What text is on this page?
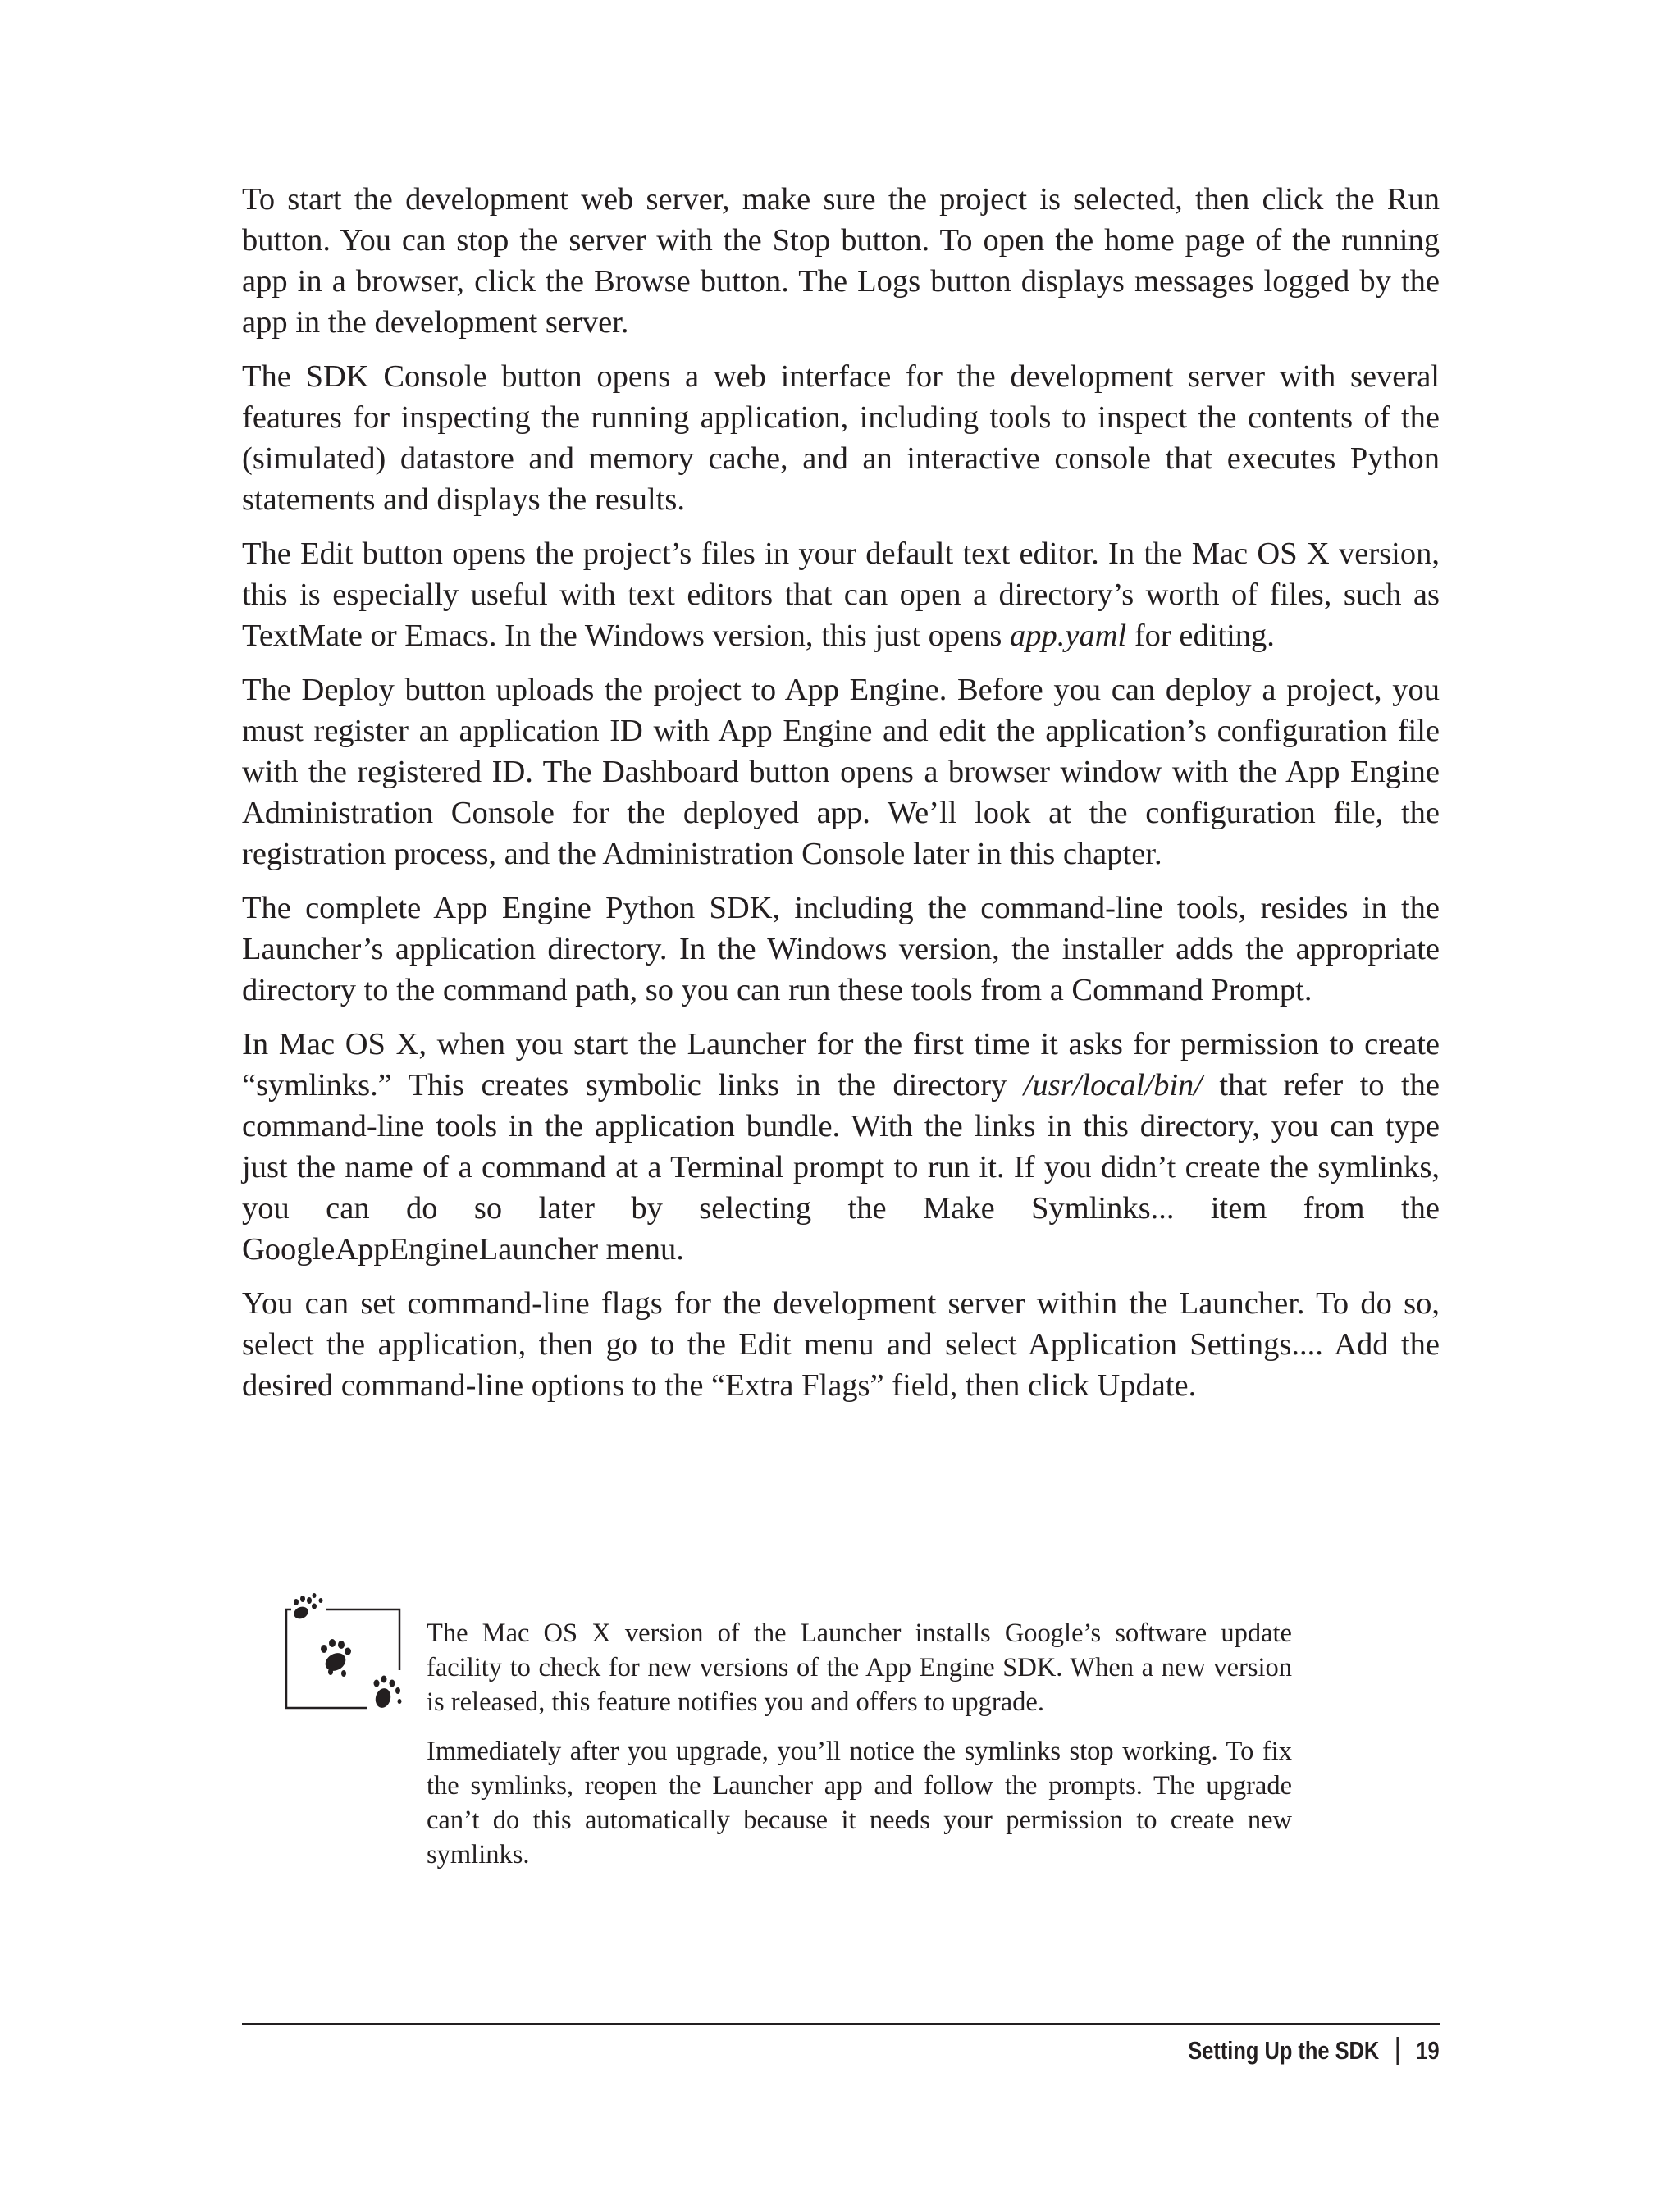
To start the development web server, make sure the project is selected, then click the Run button. You can stop the server with the Stop button. To open the home page of the running app in a browser, click the Browse button. The Logs button displays messages logged by the app in the development server.

The SDK Console button opens a web interface for the development server with several features for inspecting the running application, including tools to inspect the contents of the (simulated) datastore and memory cache, and an interactive console that executes Python statements and displays the results.

The Edit button opens the project’s files in your default text editor. In the Mac OS X version, this is especially useful with text editors that can open a directory’s worth of files, such as TextMate or Emacs. In the Windows version, this just opens app.yaml for editing.

The Deploy button uploads the project to App Engine. Before you can deploy a project, you must register an application ID with App Engine and edit the application’s configuration file with the registered ID. The Dashboard button opens a browser window with the App Engine Administration Console for the deployed app. We’ll look at the configuration file, the registration process, and the Administration Console later in this chapter.

The complete App Engine Python SDK, including the command-line tools, resides in the Launcher’s application directory. In the Windows version, the installer adds the appropriate directory to the command path, so you can run these tools from a Command Prompt.

In Mac OS X, when you start the Launcher for the first time it asks for permission to create “symlinks.” This creates symbolic links in the directory /usr/local/bin/ that refer to the command-line tools in the application bundle. With the links in this directory, you can type just the name of a command at a Terminal prompt to run it. If you didn’t create the symlinks, you can do so later by selecting the Make Symlinks... item from the GoogleAppEngineLauncher menu.

You can set command-line flags for the development server within the Launcher. To do so, select the application, then go to the Edit menu and select Application Settings.... Add the desired command-line options to the “Extra Flags” field, then click Update.

The Mac OS X version of the Launcher installs Google’s software update facility to check for new versions of the App Engine SDK. When a new version is released, this feature notifies you and offers to upgrade.

Immediately after you upgrade, you’ll notice the symlinks stop working. To fix the symlinks, reopen the Launcher app and follow the prompts. The upgrade can’t do this automatically because it needs your permission to create new symlinks.

Setting Up the SDK 19
